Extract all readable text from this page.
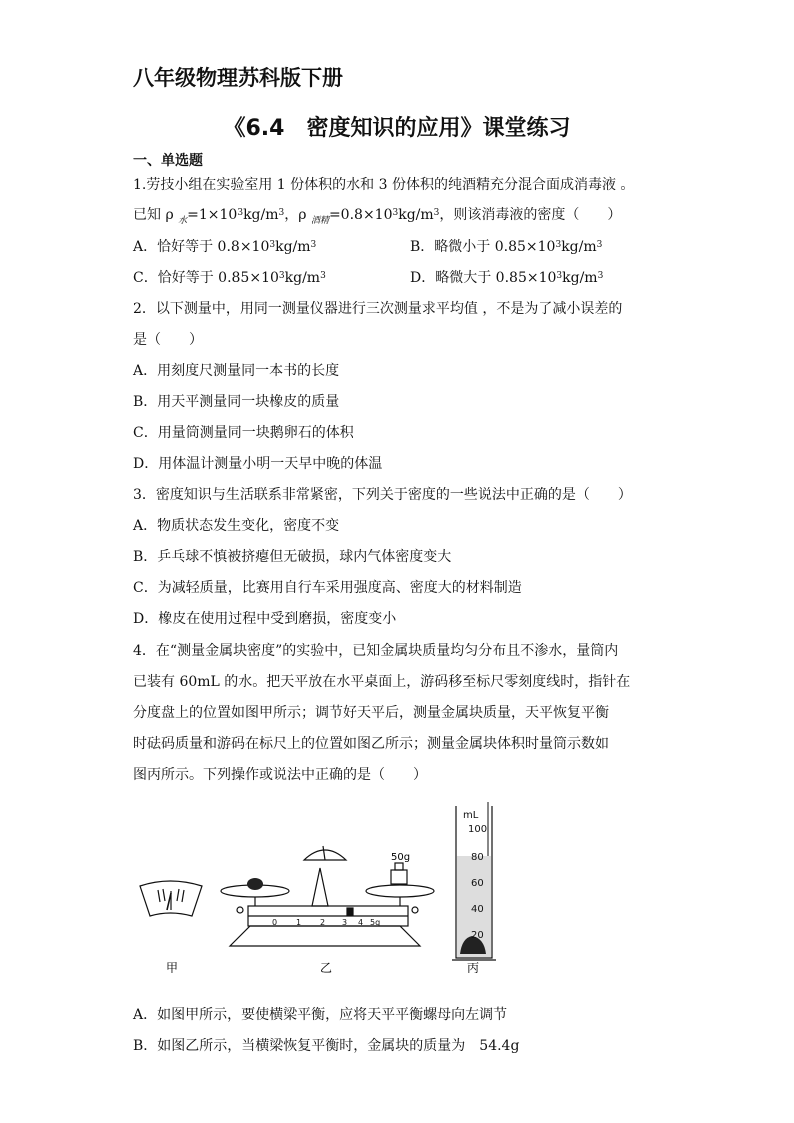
八年级物理苏科版下册
《6.4　密度知识的应用》课堂练习
一、单选题
1.劳技小组在实验室用 1 份体积的水和 3 份体积的纯酒精充分混合面成消毒液 。
已知 ρ $_水=1\times 10^3kg/m^3$，ρ $_{酒精}=0.8\times 10^3kg/m^3$，则该消毒液的密度（　　）
A．恰好等于 $0.8\times 10^3kg/m^3$	B．略微小于 $0.85\times 10^3kg/m^3$
C．恰好等于 $0.85\times 10^3kg/m^3$	D．略微大于 $0.85\times 10^3kg/m^3$
2．以下测量中，用同一测量仪器进行三次测量求平均值 ，不是为了减小误差的
是（　　）
A．用刻度尺测量同一本书的长度
B．用天平测量同一块橡皮的质量
C．用量筒测量同一块鹅卵石的体积
D．用体温计测量小明一天早中晚的体温
3．密度知识与生活联系非常紧密，下列关于密度的一些说法中正确的是（　　）
A．物质状态发生变化，密度不变
B．乒乓球不慎被挤瘪但无破损，球内气体密度变大
C．为减轻质量，比赛用自行车采用强度高、密度大的材料制造
D．橡皮在使用过程中受到磨损，密度变小
4．在“测量金属块密度”的实验中，已知金属块质量均匀分布且不渗水，量筒内
已装有 60mL 的水。把天平放在水平桌面上，游码移至标尺零刻度线时，指针在
分度盘上的位置如图甲所示；调节好天平后，测量金属块质量，天平恢复平衡
时砝码质量和游码在标尺上的位置如图乙所示；测量金属块体积时量筒示数如
图丙所示。下列操作或说法中正确的是（　　）
50g
0 1 2 3 4 5g
mL
100
80
60
40
20
甲	乙	丙
A．如图甲所示，要使横梁平衡，应将天平平衡螺母向左调节
B．如图乙所示，当横梁恢复平衡时，金属块的质量为　54.4g
